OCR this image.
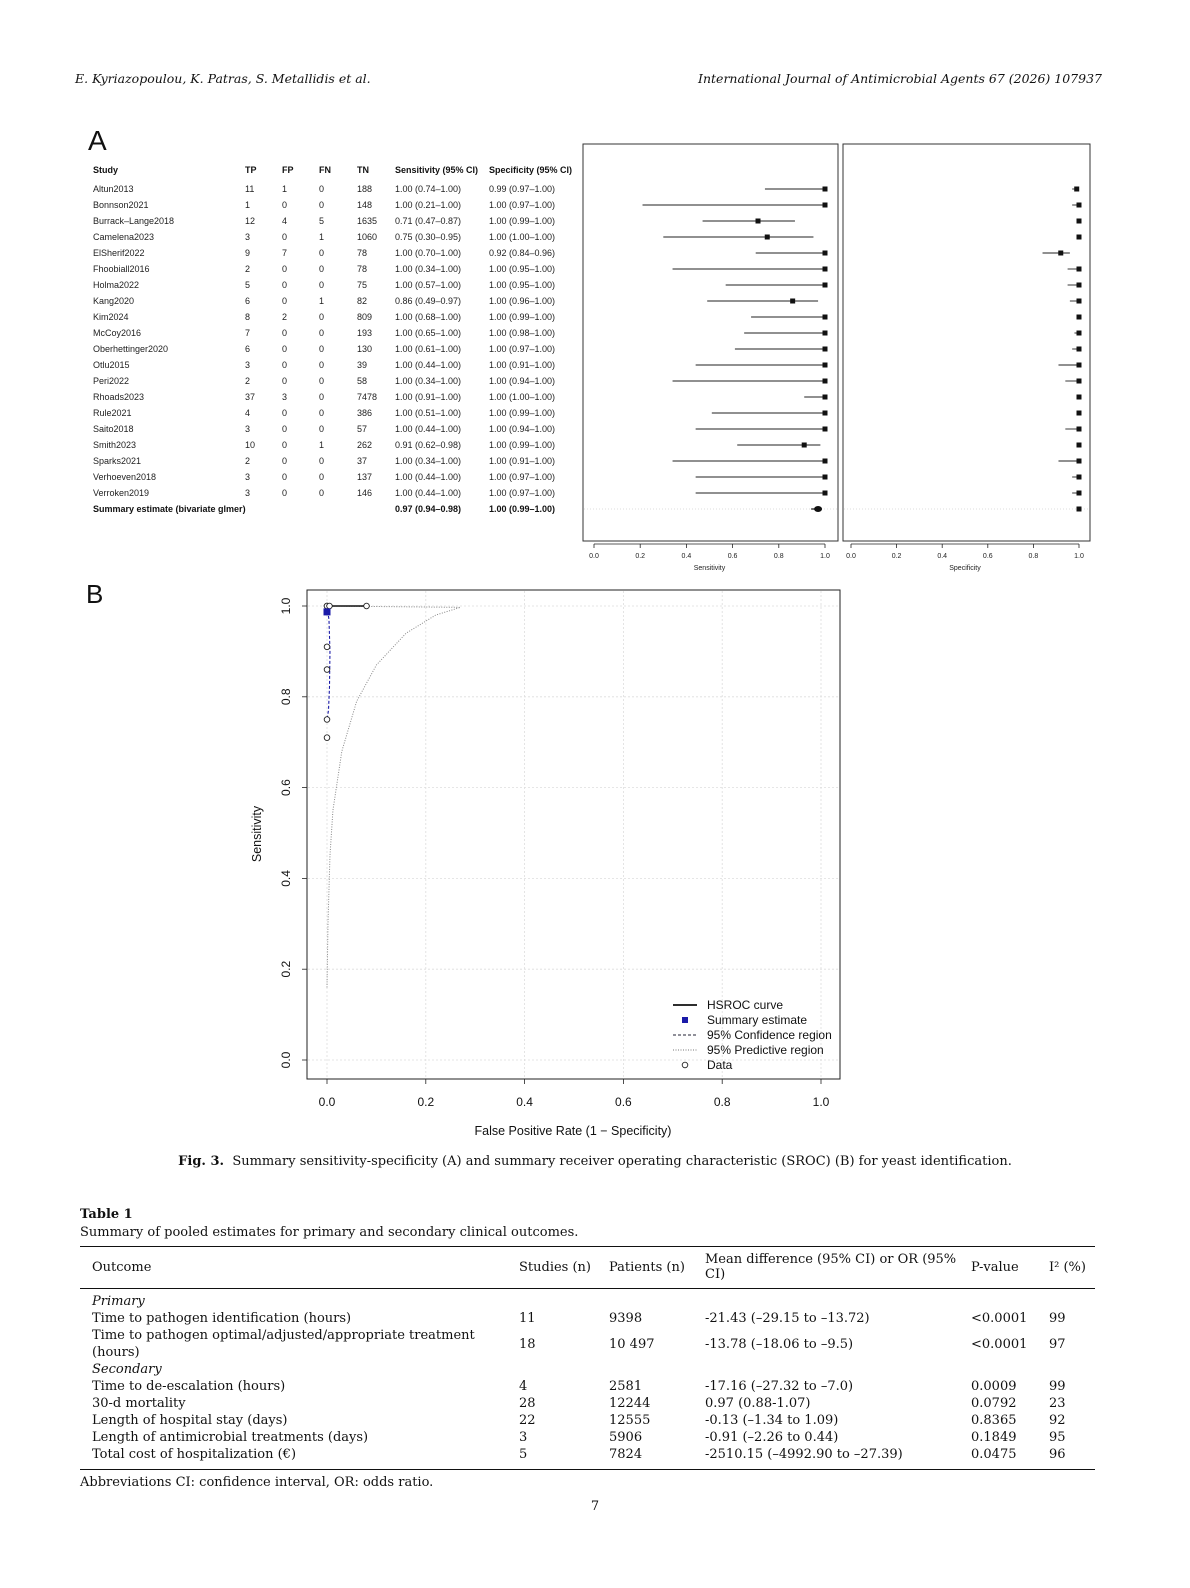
E. Kyriazopoulou, K. Patras, S. Metallidis et al.	International Journal of Antimicrobial Agents 67 (2026) 107937
A
Study	TP	FP	FN	TN	Sensitivity (95% CI) Specificity (95% CI)
Altun2013	11	1	0	188	1.00 (0.74–1.00)	0.99 (0.97–1.00)
Bonnson2021	1	0	0	148	1.00 (0.21–1.00)	1.00 (0.97–1.00)
Burrack–Lange2018	12	4	5	1635 0.71 (0.47–0.87)	1.00 (0.99–1.00)
Camelena2023	3	0	1	1060 0.75 (0.30–0.95)	1.00 (1.00–1.00)
ElSherif2022	9	7	0	78	1.00 (0.70–1.00)	0.92 (0.84–0.96)
Fhoobiall2016	2	0	0	78	1.00 (0.34–1.00)	1.00 (0.95–1.00)
Holma2022	5	0	0	75	1.00 (0.57–1.00)	1.00 (0.95–1.00)
Kang2020	6	0	1	82	0.86 (0.49–0.97)	1.00 (0.96–1.00)
Kim2024	8	2	0	809	1.00 (0.68–1.00)	1.00 (0.99–1.00)
McCoy2016	7	0	0	193	1.00 (0.65–1.00)	1.00 (0.98–1.00)
Oberhettinger2020	6	0	0	130	1.00 (0.61–1.00)	1.00 (0.97–1.00)
Otlu2015	3	0	0	39	1.00 (0.44–1.00)	1.00 (0.91–1.00)
Peri2022	2	0	0	58	1.00 (0.34–1.00)	1.00 (0.94–1.00)
Rhoads2023	37	3	0	7478 1.00 (0.91–1.00)	1.00 (1.00–1.00)
Rule2021	4	0	0	386	1.00 (0.51–1.00)	1.00 (0.99–1.00)
Saito2018	3	0	0	57	1.00 (0.44–1.00)	1.00 (0.94–1.00)
Smith2023	10	0	1	262	0.91 (0.62–0.98)	1.00 (0.99–1.00)
Sparks2021	2	0	0	37	1.00 (0.34–1.00)	1.00 (0.91–1.00)
Verhoeven2018	3	0	0	137	1.00 (0.44–1.00)	1.00 (0.97–1.00)
Verroken2019	3	0	0	146	1.00 (0.44–1.00)	1.00 (0.97–1.00)
Summary estimate (bivariate glmer)	0.97 (0.94–0.98)	1.00 (0.99–1.00)
0.0	0.2	0.4	0.6	0.8	1.0
Sensitivity
0.0	0.2	0.4	0.6	0.8	1.0
Specificity
B
0.0	0.2	0.4	0.6	0.8	1.0
0.0
0.2
0.4
0.6
0.8
1.0
False Positive Rate (1 − Specificity)
Sensitivity
HSROC curve
Summary estimate
95% Confidence region
95% Predictive region
Data
Fig. 3. Summary sensitivity-specificity (A) and summary receiver operating characteristic (SROC) (B) for yeast identification.
Table 1
Summary of pooled estimates for primary and secondary clinical outcomes.
Outcome	Studies (n)	Patients (n)	Mean difference (95% CI) or OR (95% CI)	P-value	I² (%)
Primary					
Time to pathogen identification (hours)	11	9398	-21.43 (–29.15 to –13.72)	<0.0001	99
Time to pathogen optimal/adjusted/appropriate treatment (hours)	18	10 497	-13.78 (–18.06 to –9.5)	<0.0001	97
Secondary					
Time to de-escalation (hours)	4	2581	-17.16 (–27.32 to –7.0)	0.0009	99
30-d mortality	28	12244	0.97 (0.88-1.07)	0.0792	23
Length of hospital stay (days)	22	12555	-0.13 (–1.34 to 1.09)	0.8365	92
Length of antimicrobial treatments (days)	3	5906	-0.91 (–2.26 to 0.44)	0.1849	95
Total cost of hospitalization (€)	5	7824	-2510.15 (–4992.90 to –27.39)	0.0475	96
Abbreviations CI: confidence interval, OR: odds ratio.
7
